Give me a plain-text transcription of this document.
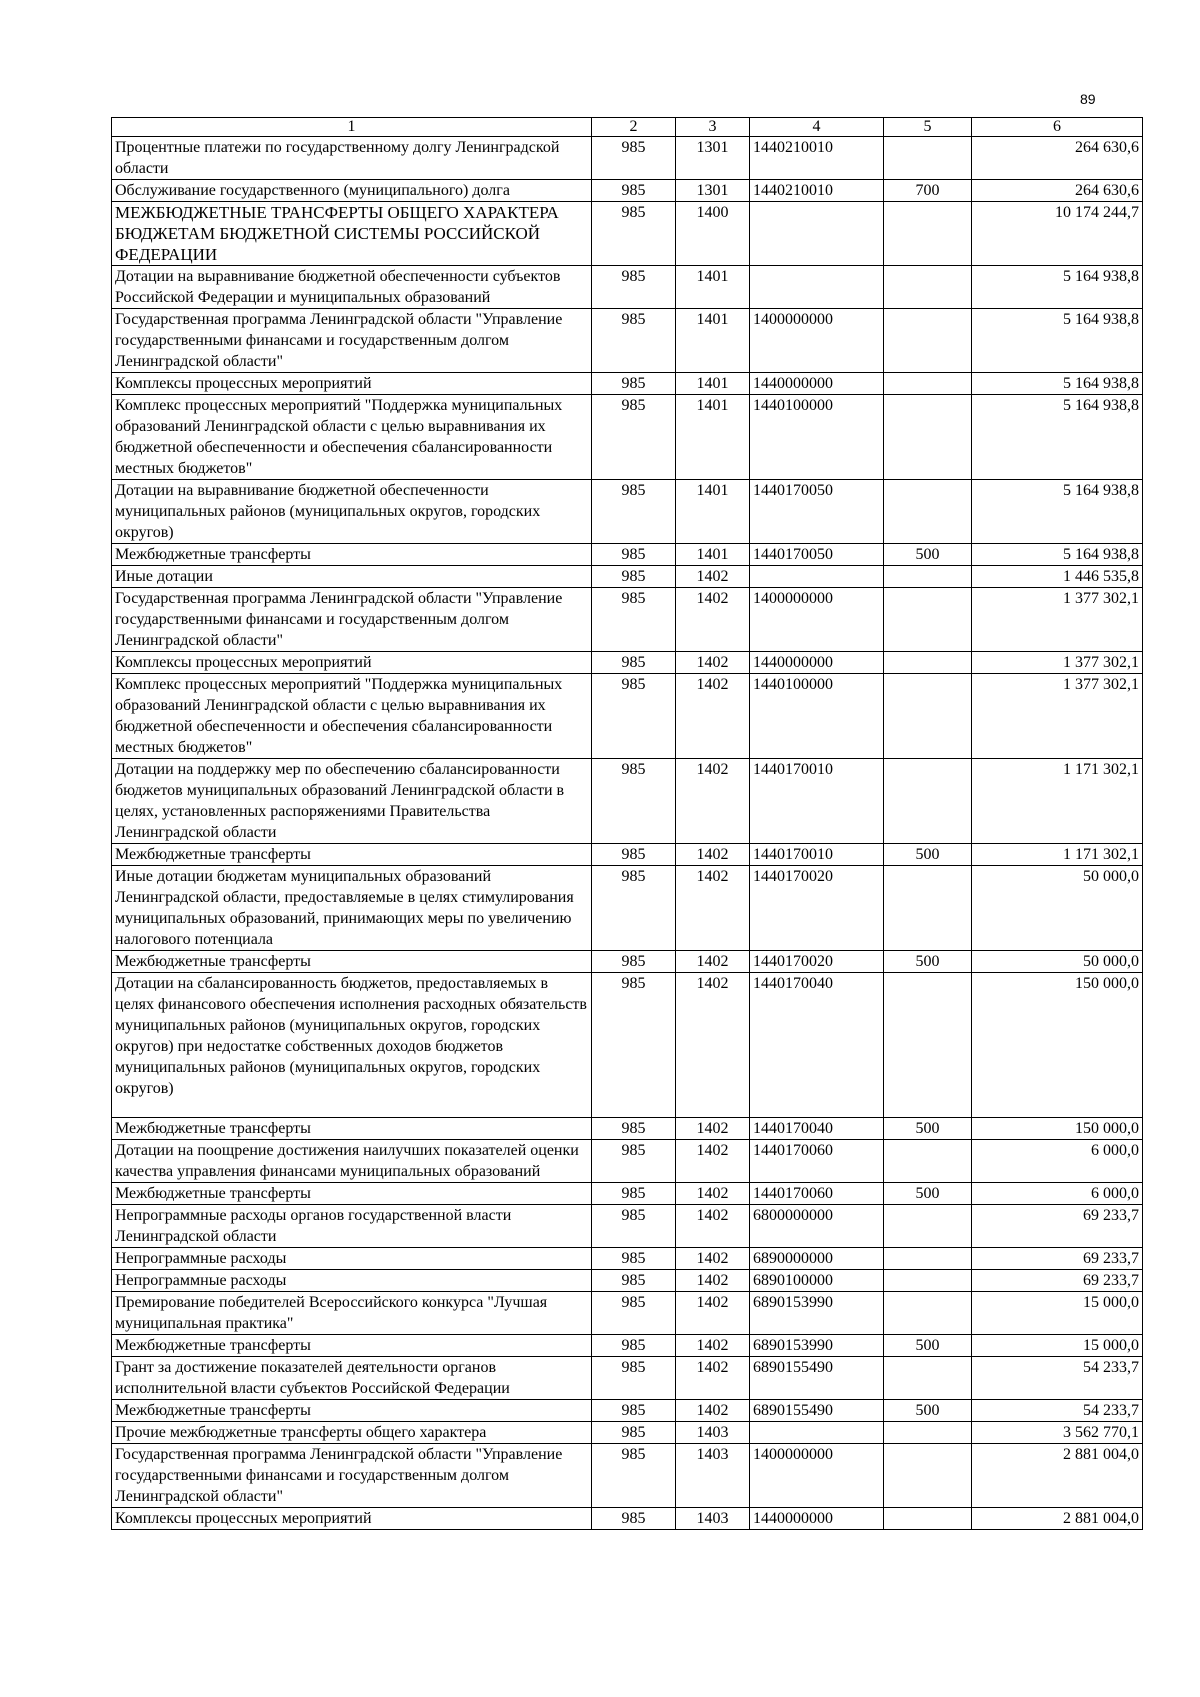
89
1	2	3	4	5	6
Процентные платежи по государственному долгу Ленинградской области	985	1301	1440210010		264 630,6
Обслуживание государственного (муниципального) долга	985	1301	1440210010	700	264 630,6
МЕЖБЮДЖЕТНЫЕ ТРАНСФЕРТЫ ОБЩЕГО ХАРАКТЕРА БЮДЖЕТАМ БЮДЖЕТНОЙ СИСТЕМЫ РОССИЙСКОЙ ФЕДЕРАЦИИ	985	1400			10 174 244,7
Дотации на выравнивание бюджетной обеспеченности субъектов Российской Федерации и муниципальных образований	985	1401			5 164 938,8
Государственная программа Ленинградской области "Управление государственными финансами и государственным долгом Ленинградской области"	985	1401	1400000000		5 164 938,8
Комплексы процессных мероприятий	985	1401	1440000000		5 164 938,8
Комплекс процессных мероприятий "Поддержка муниципальных образований Ленинградской области с целью выравнивания их бюджетной обеспеченности и обеспечения сбалансированности местных бюджетов"	985	1401	1440100000		5 164 938,8
Дотации на выравнивание бюджетной обеспеченности муниципальных районов (муниципальных округов, городских округов)	985	1401	1440170050		5 164 938,8
Межбюджетные трансферты	985	1401	1440170050	500	5 164 938,8
Иные дотации	985	1402			1 446 535,8
Государственная программа Ленинградской области "Управление государственными финансами и государственным долгом Ленинградской области"	985	1402	1400000000		1 377 302,1
Комплексы процессных мероприятий	985	1402	1440000000		1 377 302,1
Комплекс процессных мероприятий "Поддержка муниципальных образований Ленинградской области с целью выравнивания их бюджетной обеспеченности и обеспечения сбалансированности местных бюджетов"	985	1402	1440100000		1 377 302,1
Дотации на поддержку мер по обеспечению сбалансированности бюджетов муниципальных образований Ленинградской области в целях, установленных распоряжениями Правительства Ленинградской области	985	1402	1440170010		1 171 302,1
Межбюджетные трансферты	985	1402	1440170010	500	1 171 302,1
Иные дотации бюджетам муниципальных образований Ленинградской области, предоставляемые в целях стимулирования муниципальных образований, принимающих меры по увеличению налогового потенциала	985	1402	1440170020		50 000,0
Межбюджетные трансферты	985	1402	1440170020	500	50 000,0
Дотации на сбалансированность бюджетов, предоставляемых в целях финансового обеспечения исполнения расходных обязательств муниципальных районов (муниципальных округов, городских округов) при недостатке собственных доходов бюджетов муниципальных районов (муниципальных округов, городских округов)	985	1402	1440170040		150 000,0
Межбюджетные трансферты	985	1402	1440170040	500	150 000,0
Дотации на поощрение достижения наилучших показателей оценки качества управления финансами муниципальных образований	985	1402	1440170060		6 000,0
Межбюджетные трансферты	985	1402	1440170060	500	6 000,0
Непрограммные расходы органов государственной власти Ленинградской области	985	1402	6800000000		69 233,7
Непрограммные расходы	985	1402	6890000000		69 233,7
Непрограммные расходы	985	1402	6890100000		69 233,7
Премирование победителей Всероссийского конкурса "Лучшая муниципальная практика"	985	1402	6890153990		15 000,0
Межбюджетные трансферты	985	1402	6890153990	500	15 000,0
Грант за достижение показателей деятельности органов исполнительной власти субъектов Российской Федерации	985	1402	6890155490		54 233,7
Межбюджетные трансферты	985	1402	6890155490	500	54 233,7
Прочие межбюджетные трансферты общего характера	985	1403			3 562 770,1
Государственная программа Ленинградской области "Управление государственными финансами и государственным долгом Ленинградской области"	985	1403	1400000000		2 881 004,0
Комплексы процессных мероприятий	985	1403	1440000000		2 881 004,0
